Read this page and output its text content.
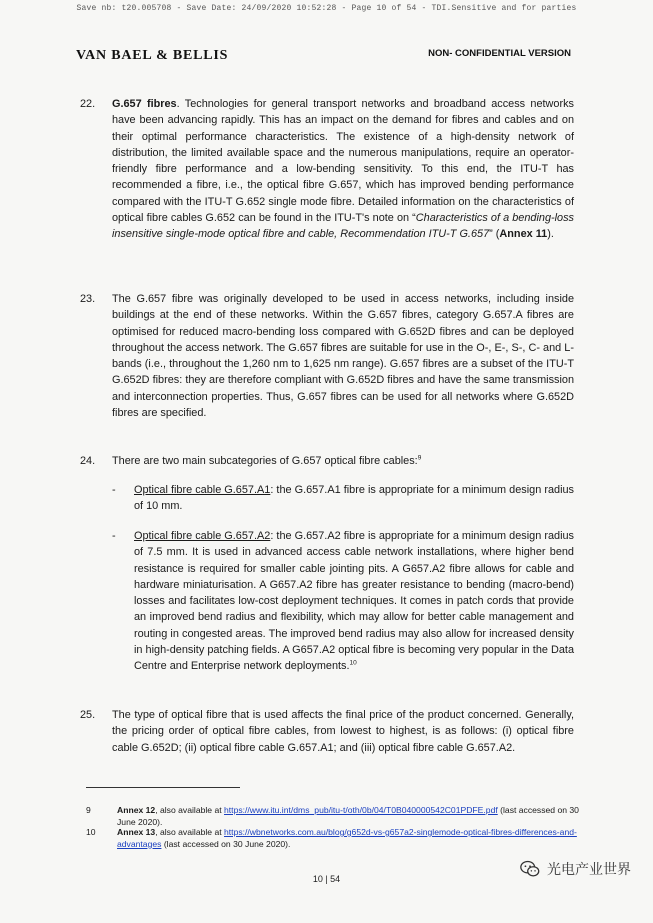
Save nb: t20.005708 - Save Date: 24/09/2020 10:52:28 - Page 10 of 54 - TDI.Sensitive and for parties
VAN BAEL & BELLIS	NON- CONFIDENTIAL VERSION
22.	G.657 fibres. Technologies for general transport networks and broadband access networks have been advancing rapidly. This has an impact on the demand for fibres and cables and on their optimal performance characteristics. The existence of a high-density network of distribution, the limited available space and the numerous manipulations, require an operator-friendly fibre performance and a low-bending sensitivity. To this end, the ITU-T has recommended a fibre, i.e., the optical fibre G.657, which has improved bending performance compared with the ITU-T G.652 single mode fibre. Detailed information on the characteristics of optical fibre cables G.652 can be found in the ITU-T's note on “Characteristics of a bending-loss insensitive single-mode optical fibre and cable, Recommendation ITU-T G.657” (Annex 11).
23.	The G.657 fibre was originally developed to be used in access networks, including inside buildings at the end of these networks. Within the G.657 fibres, category G.657.A fibres are optimised for reduced macro-bending loss compared with G.652D fibres and can be deployed throughout the access network. The G.657 fibres are suitable for use in the O-, E-, S-, C- and L-bands (i.e., throughout the 1,260 nm to 1,625 nm range). G.657 fibres are a subset of the ITU-T G.652D fibres: they are therefore compliant with G.652D fibres and have the same transmission and interconnection properties. Thus, G.657 fibres can be used for all networks where G.652D fibres are specified.
24.	There are two main subcategories of G.657 optical fibre cables:$^9$
- Optical fibre cable G.657.A1: the G.657.A1 fibre is appropriate for a minimum design radius of 10 mm.
- Optical fibre cable G.657.A2: the G.657.A2 fibre is appropriate for a minimum design radius of 7.5 mm. It is used in advanced access cable network installations, where higher bend resistance is required for smaller cable jointing pits. A G657.A2 fibre allows for cable and hardware miniaturisation. A G657.A2 fibre has greater resistance to bending (macro-bend) losses and facilitates low-cost deployment techniques. It comes in patch cords that provide an improved bend radius and flexibility, which may allow for better cable management and routing in congested areas. The improved bend radius may also allow for increased density in high-density patching fields. A G657.A2 optical fibre is becoming very popular in the Data Centre and Enterprise network deployments.$^{10}$
25.	The type of optical fibre that is used affects the final price of the product concerned. Generally, the pricing order of optical fibre cables, from lowest to highest, is as follows: (i) optical fibre cable G.652D; (ii) optical fibre cable G.657.A1; and (iii) optical fibre cable G.657.A2.
9	Annex 12, also available at https://www.itu.int/dms_pub/itu-t/oth/0b/04/T0B040000542C01PDFE.pdf (last accessed on 30 June 2020).
10 Annex 13, also available at https://wbnetworks.com.au/blog/g652d-vs-g657a2-singlemode-optical-fibres-differences-and-advantages (last accessed on 30 June 2020).
10 | 54
光电产业世界
